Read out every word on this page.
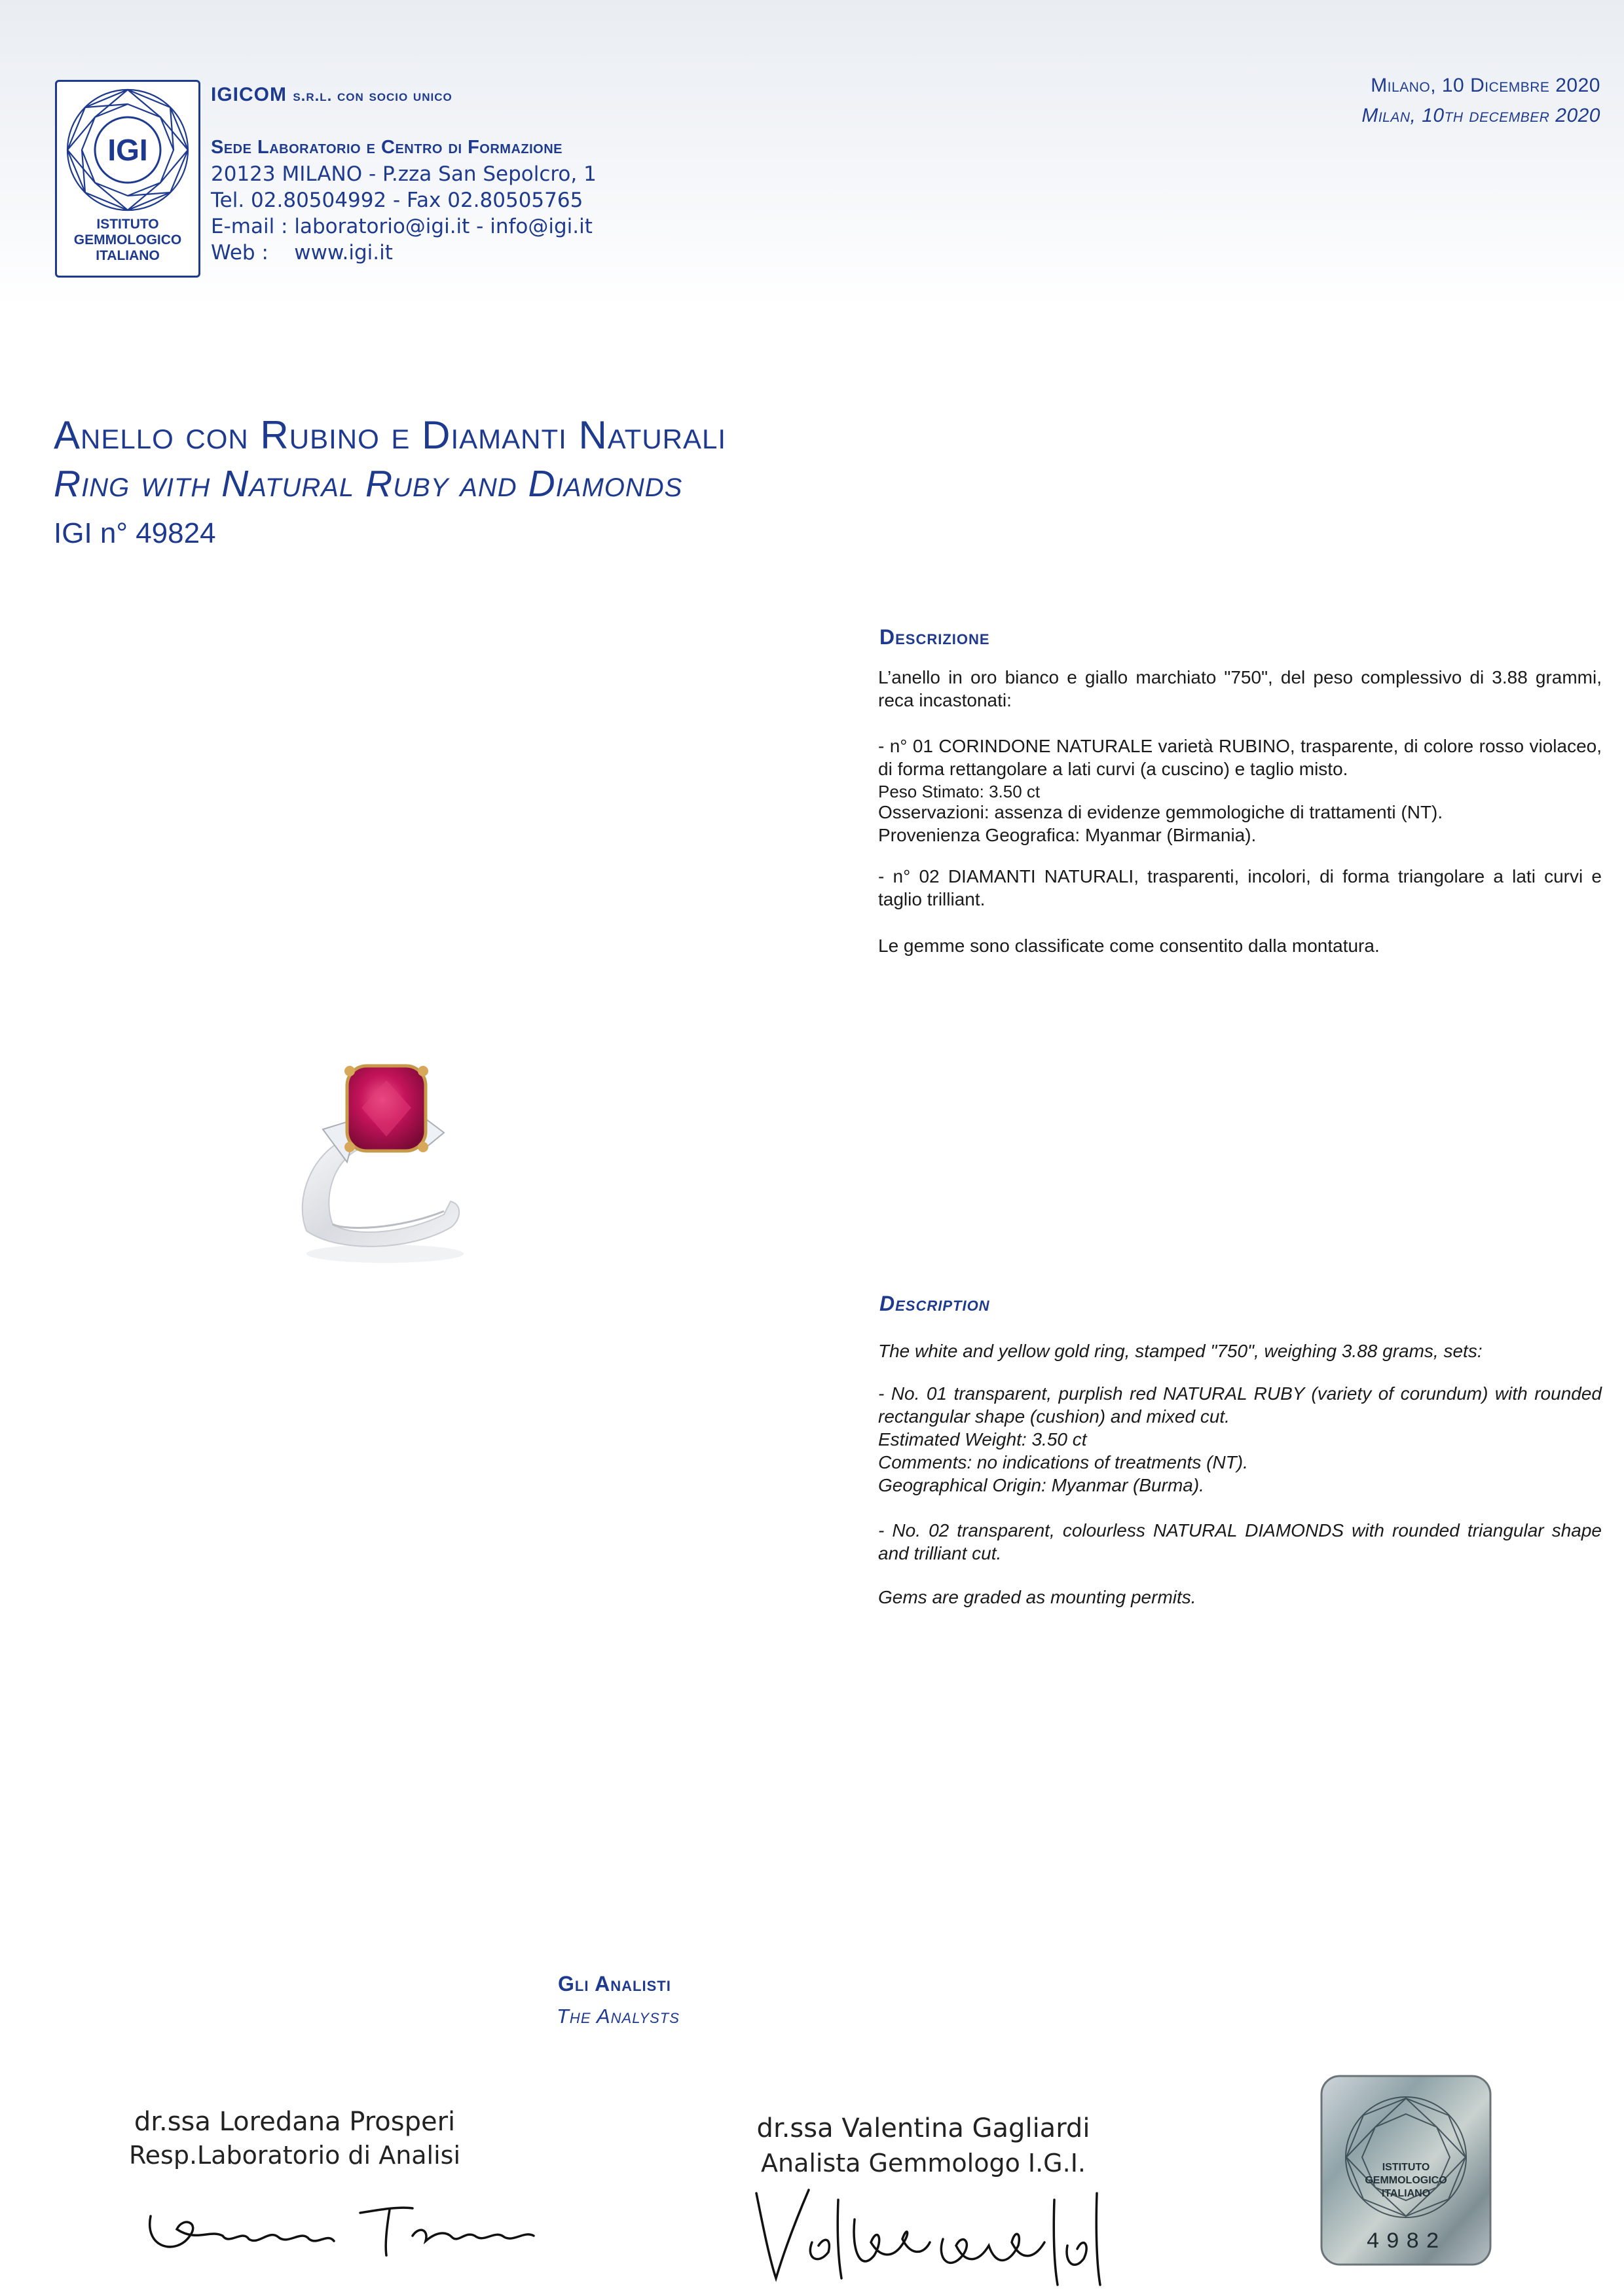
IGI
ISTITUTO
GEMMOLOGICO
ITALIANO
IGICOM s.r.l. con socio unico
Sede Laboratorio e Centro di Formazione
20123 MILANO - P.zza San Sepolcro, 1
Tel. 02.80504992 - Fax 02.80505765
E-mail : laboratorio@igi.it - info@igi.it
Web :    www.igi.it
Milano, 10 Dicembre 2020
Milan, 10th december 2020
Anello con Rubino e Diamanti Naturali
Ring with Natural Ruby and Diamonds
IGI n° 49824
Descrizione
L’anello in oro bianco e giallo marchiato "750", del peso complessivo di 3.88 grammi, reca incastonati:
- n° 01 CORINDONE NATURALE varietà RUBINO, trasparente, di colore rosso violaceo, di forma rettangolare a lati curvi (a cuscino) e taglio misto.
Peso Stimato: 3.50 ct
Osservazioni: assenza di evidenze gemmologiche di trattamenti (NT).
Provenienza Geografica: Myanmar (Birmania).
- n° 02 DIAMANTI NATURALI, trasparenti, incolori, di forma triangolare a lati curvi e taglio trilliant.
Le gemme sono classificate come consentito dalla montatura.
Description
The white and yellow gold ring, stamped "750", weighing 3.88 grams, sets:
- No. 01 transparent, purplish red NATURAL RUBY (variety of corundum) with rounded rectangular shape (cushion) and mixed cut.
Estimated Weight: 3.50 ct
Comments: no indications of treatments (NT).
Geographical Origin: Myanmar (Burma).
- No. 02 transparent, colourless NATURAL DIAMONDS with rounded triangular shape and trilliant cut.
Gems are graded as mounting permits.
Gli Analisti
The Analysts
dr.ssa Loredana Prosperi
Resp.Laboratorio di Analisi
dr.ssa Valentina Gagliardi
Analista Gemmologo I.G.I.	ISTITUTO
GEMMOLOGICO
ITALIANO
4982
